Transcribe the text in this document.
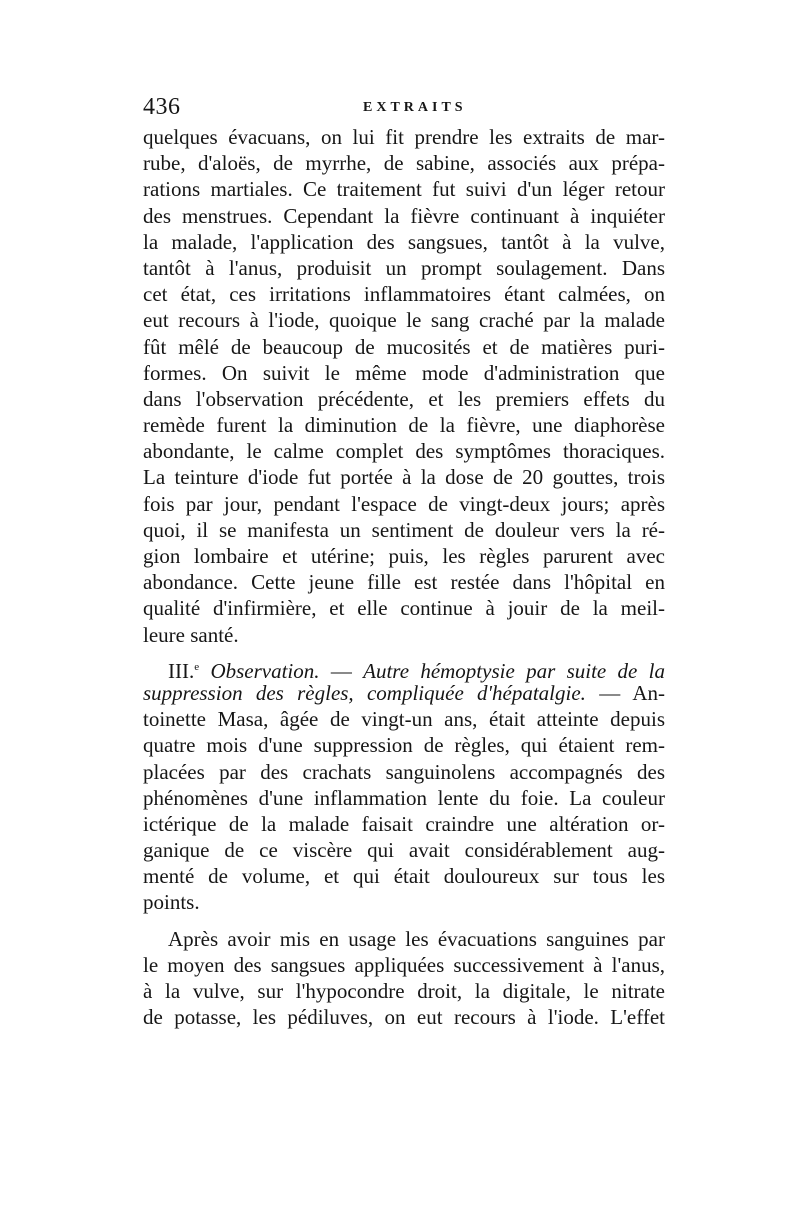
436	EXTRAITS
quelques évacuans, on lui fit prendre les extraits de mar-
rube, d'aloës, de myrrhe, de sabine, associés aux prépa-
rations martiales. Ce traitement fut suivi d'un léger retour
des menstrues. Cependant la fièvre continuant à inquiéter
la malade, l'application des sangsues, tantôt à la vulve,
tantôt à l'anus, produisit un prompt soulagement. Dans
cet état, ces irritations inflammatoires étant calmées, on
eut recours à l'iode, quoique le sang craché par la malade
fût mêlé de beaucoup de mucosités et de matières puri-
formes. On suivit le même mode d'administration que
dans l'observation précédente, et les premiers effets du
remède furent la diminution de la fièvre, une diaphorèse
abondante, le calme complet des symptômes thoraciques.
La teinture d'iode fut portée à la dose de 20 gouttes, trois
fois par jour, pendant l'espace de vingt-deux jours; après
quoi, il se manifesta un sentiment de douleur vers la ré-
gion lombaire et utérine; puis, les règles parurent avec
abondance. Cette jeune fille est restée dans l'hôpital en
qualité d'infirmière, et elle continue à jouir de la meil-
leure santé.
III.$^e$ Observation. — Autre hémoptysie par suite de la
suppression des règles, compliquée d'hépatalgie. — An-
toinette Masa, âgée de vingt-un ans, était atteinte depuis
quatre mois d'une suppression de règles, qui étaient rem-
placées par des crachats sanguinolens accompagnés des
phénomènes d'une inflammation lente du foie. La couleur
ictérique de la malade faisait craindre une altération or-
ganique de ce viscère qui avait considérablement aug-
menté de volume, et qui était douloureux sur tous les
points.
Après avoir mis en usage les évacuations sanguines par
le moyen des sangsues appliquées successivement à l'anus,
à la vulve, sur l'hypocondre droit, la digitale, le nitrate
de potasse, les pédiluves, on eut recours à l'iode. L'effet
